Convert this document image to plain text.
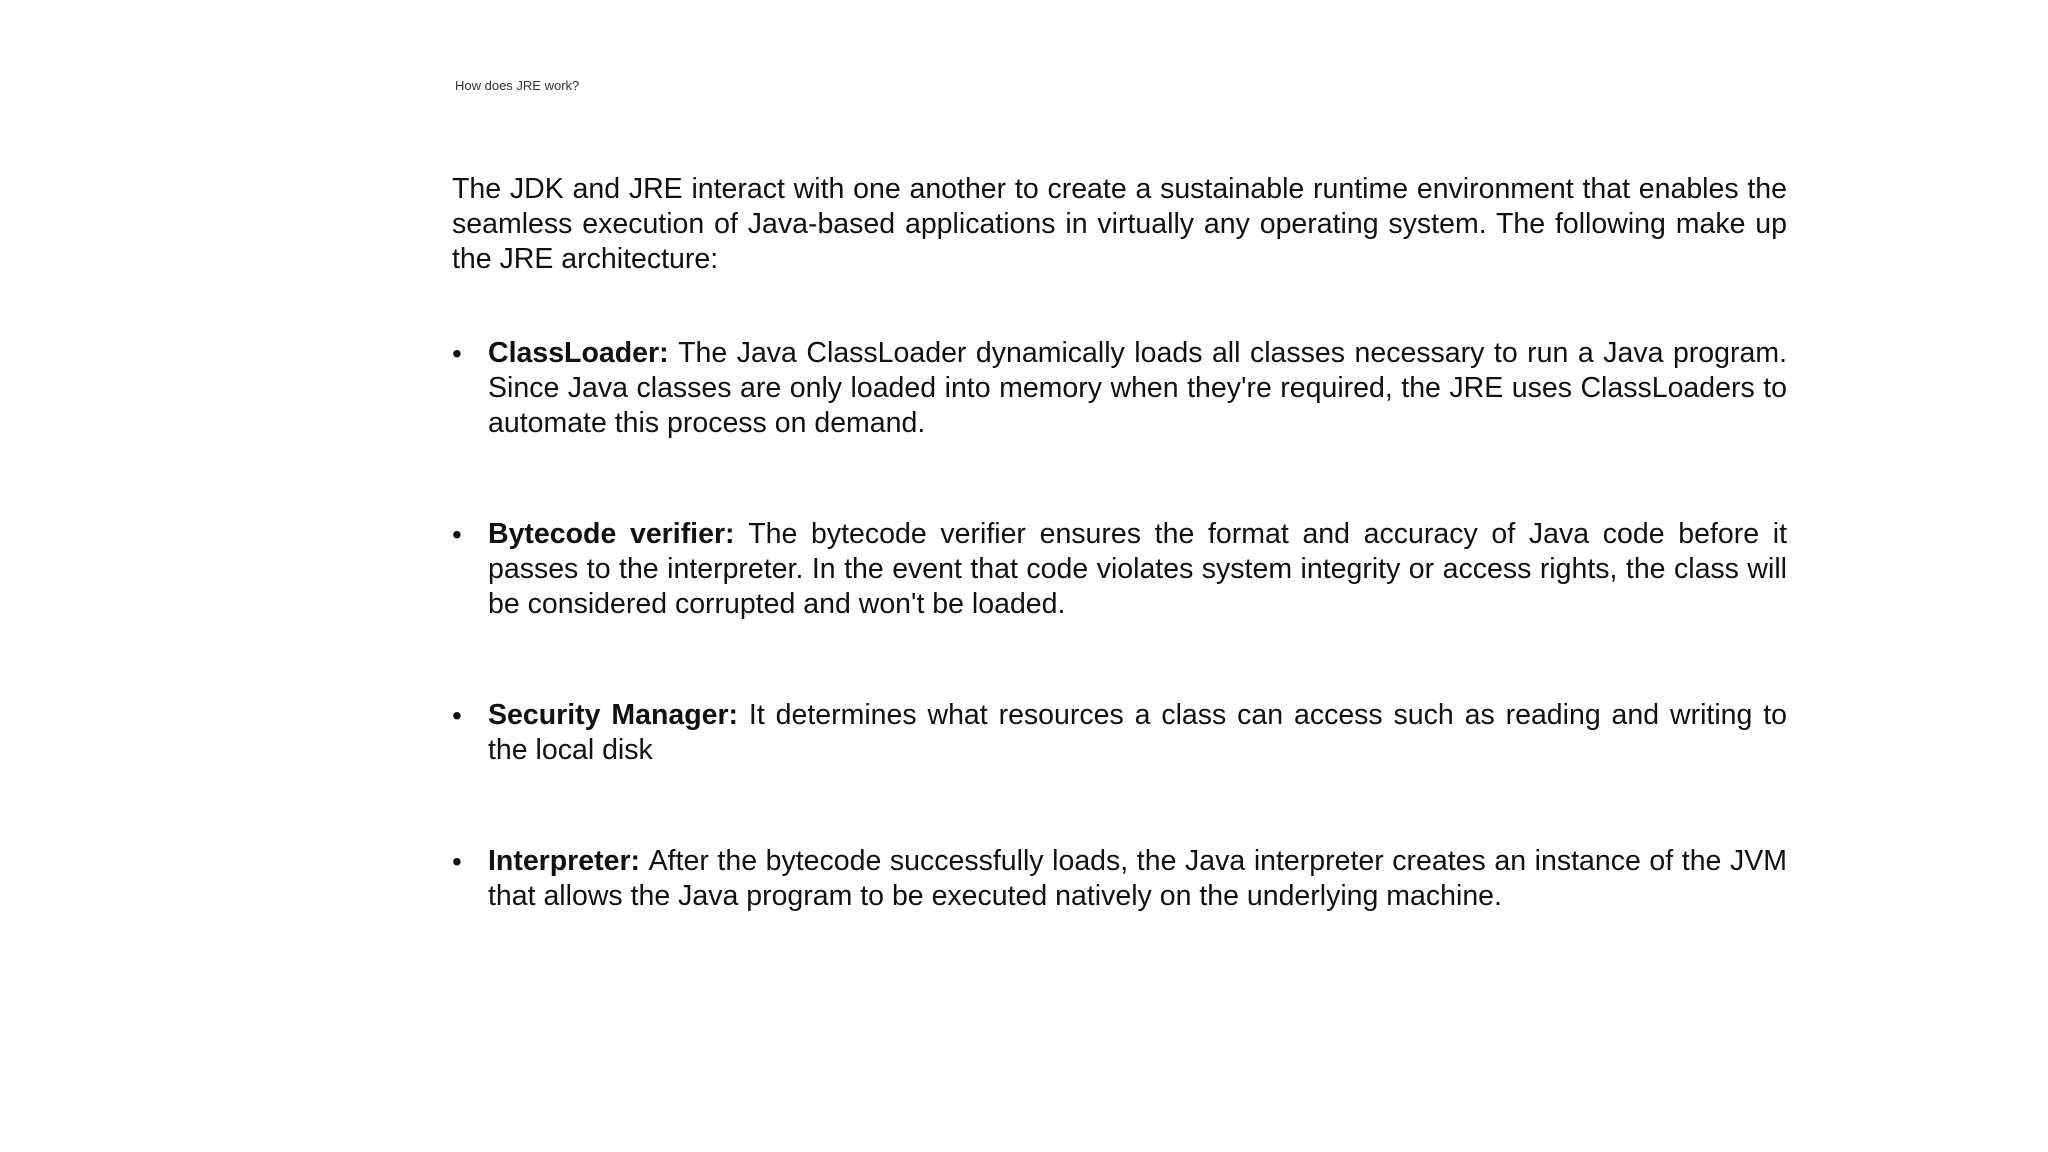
How does JRE work?

The JDK and JRE interact with one another to create a sustainable runtime environment that enables the seamless execution of Java-based applications in virtually any operating system. The following make up the JRE architecture:

• ClassLoader: The Java ClassLoader dynamically loads all classes necessary to run a Java program. Since Java classes are only loaded into memory when they're required, the JRE uses ClassLoaders to automate this process on demand.
• Bytecode verifier: The bytecode verifier ensures the format and accuracy of Java code before it passes to the interpreter. In the event that code violates system integrity or access rights, the class will be considered corrupted and won't be loaded.
• Security Manager: It determines what resources a class can access such as reading and writing to the local disk
• Interpreter: After the bytecode successfully loads, the Java interpreter creates an instance of the JVM that allows the Java program to be executed natively on the underlying machine.
